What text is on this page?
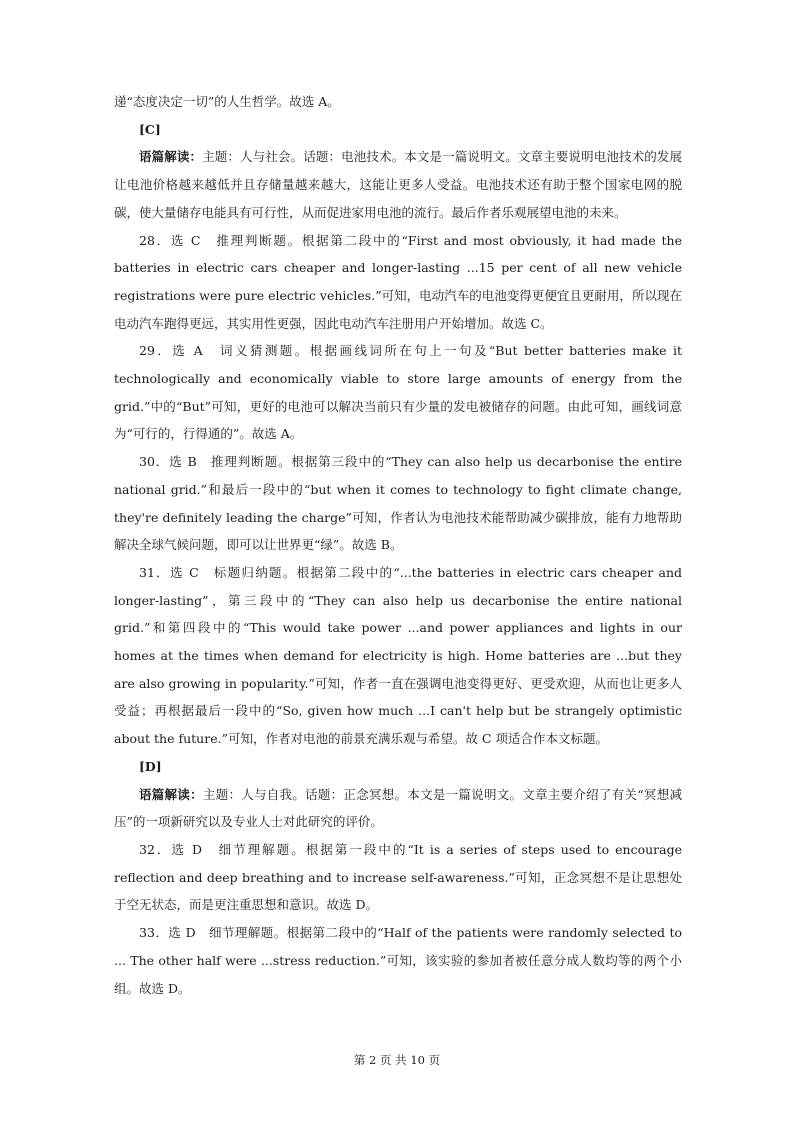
递“态度决定一切”的人生哲学。故选 A。

[C]

语篇解读：主题：人与社会。话题：电池技术。本文是一篇说明文。文章主要说明电池技术的发展让电池价格越来越低并且存储量越来越大，这能让更多人受益。电池技术还有助于整个国家电网的脱碳，使大量储存电能具有可行性，从而促进家用电池的流行。最后作者乐观展望电池的未来。

28．选 C　推理判断题。根据第二段中的“First and most obviously, it had made the batteries in electric cars cheaper and longer-lasting ...15 per cent of all new vehicle registrations were pure electric vehicles.”可知，电动汽车的电池变得更便宜且更耐用，所以现在电动汽车跑得更远，其实用性更强，因此电动汽车注册用户开始增加。故选 C。

29．选 A　词义猜测题。根据画线词所在句上一句及“But better batteries make it technologically and economically viable to store large amounts of energy from the grid.”中的“But”可知，更好的电池可以解决当前只有少量的发电被储存的问题。由此可知，画线词意为“可行的，行得通的”。故选 A。

30．选 B　推理判断题。根据第三段中的“They can also help us decarbonise the entire national grid.”和最后一段中的“but when it comes to technology to fight climate change, they're definitely leading the charge”可知，作者认为电池技术能帮助减少碳排放，能有力地帮助解决全球气候问题，即可以让世界更“绿”。故选 B。

31．选 C　标题归纳题。根据第二段中的“...the batteries in electric cars cheaper and longer-lasting”，第三段中的“They can also help us decarbonise the entire national grid.”和第四段中的“This would take power ...and power appliances and lights in our homes at the times when demand for electricity is high. Home batteries are ...but they are also growing in popularity.”可知，作者一直在强调电池变得更好、更受欢迎，从而也让更多人受益；再根据最后一段中的“So, given how much ...I can't help but be strangely optimistic about the future.”可知，作者对电池的前景充满乐观与希望。故 C 项适合作本文标题。

[D]

语篇解读：主题：人与自我。话题：正念冥想。本文是一篇说明文。文章主要介绍了有关“冥想减压”的一项新研究以及专业人士对此研究的评价。

32．选 D　细节理解题。根据第一段中的“It is a series of steps used to encourage reflection and deep breathing and to increase self-awareness.”可知，正念冥想不是让思想处于空无状态，而是更注重思想和意识。故选 D。

33．选 D　细节理解题。根据第二段中的“Half of the patients were randomly selected to ... The other half were ...stress reduction.”可知，该实验的参加者被任意分成人数均等的两个小组。故选 D。

第 2 页 共 10 页
